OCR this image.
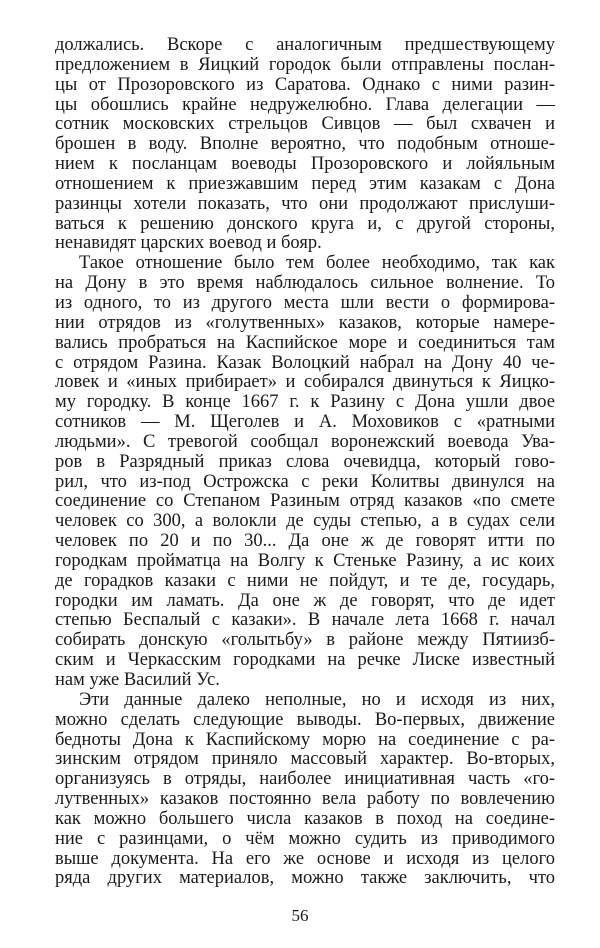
должались. Вскоре с аналогичным предшествующему
предложением в Яицкий городок были отправлены послан-
цы от Прозоровского из Саратова. Однако с ними разин-
цы обошлись крайне недружелюбно. Глава делегации —
сотник московских стрельцов Сивцов — был схвачен и
брошен в воду. Вполне вероятно, что подобным отноше-
нием к посланцам воеводы Прозоровского и лойяльным
отношением к приезжавшим перед этим казакам с Дона
разинцы хотели показать, что они продолжают прислуши-
ваться к решению донского круга и, с другой стороны,
ненавидят царских воевод и бояр.
Такое отношение было тем более необходимо, так как
на Дону в это время наблюдалось сильное волнение. То
из одного, то из другого места шли вести о формирова-
нии отрядов из «голутвенных» казаков, которые намере-
вались пробраться на Каспийское море и соединиться там
с отрядом Разина. Казак Волоцкий набрал на Дону 40 че-
ловек и «иных прибирает» и собирался двинуться к Яицко-
му городку. В конце 1667 г. к Разину с Дона ушли двое
сотников — М. Щеголев и А. Моховиков с «ратными
людьми». С тревогой сообщал воронежский воевода Ува-
ров в Разрядный приказ слова очевидца, который гово-
рил, что из-под Острожска с реки Колитвы двинулся на
соединение со Степаном Разиным отряд казаков «по смете
человек со 300, а волокли де суды степью, а в судах сели
человек по 20 и по 30... Да оне ж де говорят итти по
городкам пройматца на Волгу к Стеньке Разину, а ис коих
де горадков казаки с ними не пойдут, и те де, государь,
городки им ламать. Да оне ж де говорят, что де идет
степью Беспалый с казаки». В начале лета 1668 г. начал
собирать донскую «голытьбу» в районе между Пятиизб-
ским и Черкасским городками на речке Лиске известный
нам уже Василий Ус.
Эти данные далеко неполные, но и исходя из них,
можно сделать следующие выводы. Во-первых, движение
бедноты Дона к Каспийскому морю на соединение с ра-
зинским отрядом приняло массовый характер. Во-вторых,
организуясь в отряды, наиболее инициативная часть «го-
лутвенных» казаков постоянно вела работу по вовлечению
как можно большего числа казаков в поход на соедине-
ние с разинцами, о чём можно судить из приводимого
выше документа. На его же основе и исходя из целого
ряда других материалов, можно также заключить, что
56
